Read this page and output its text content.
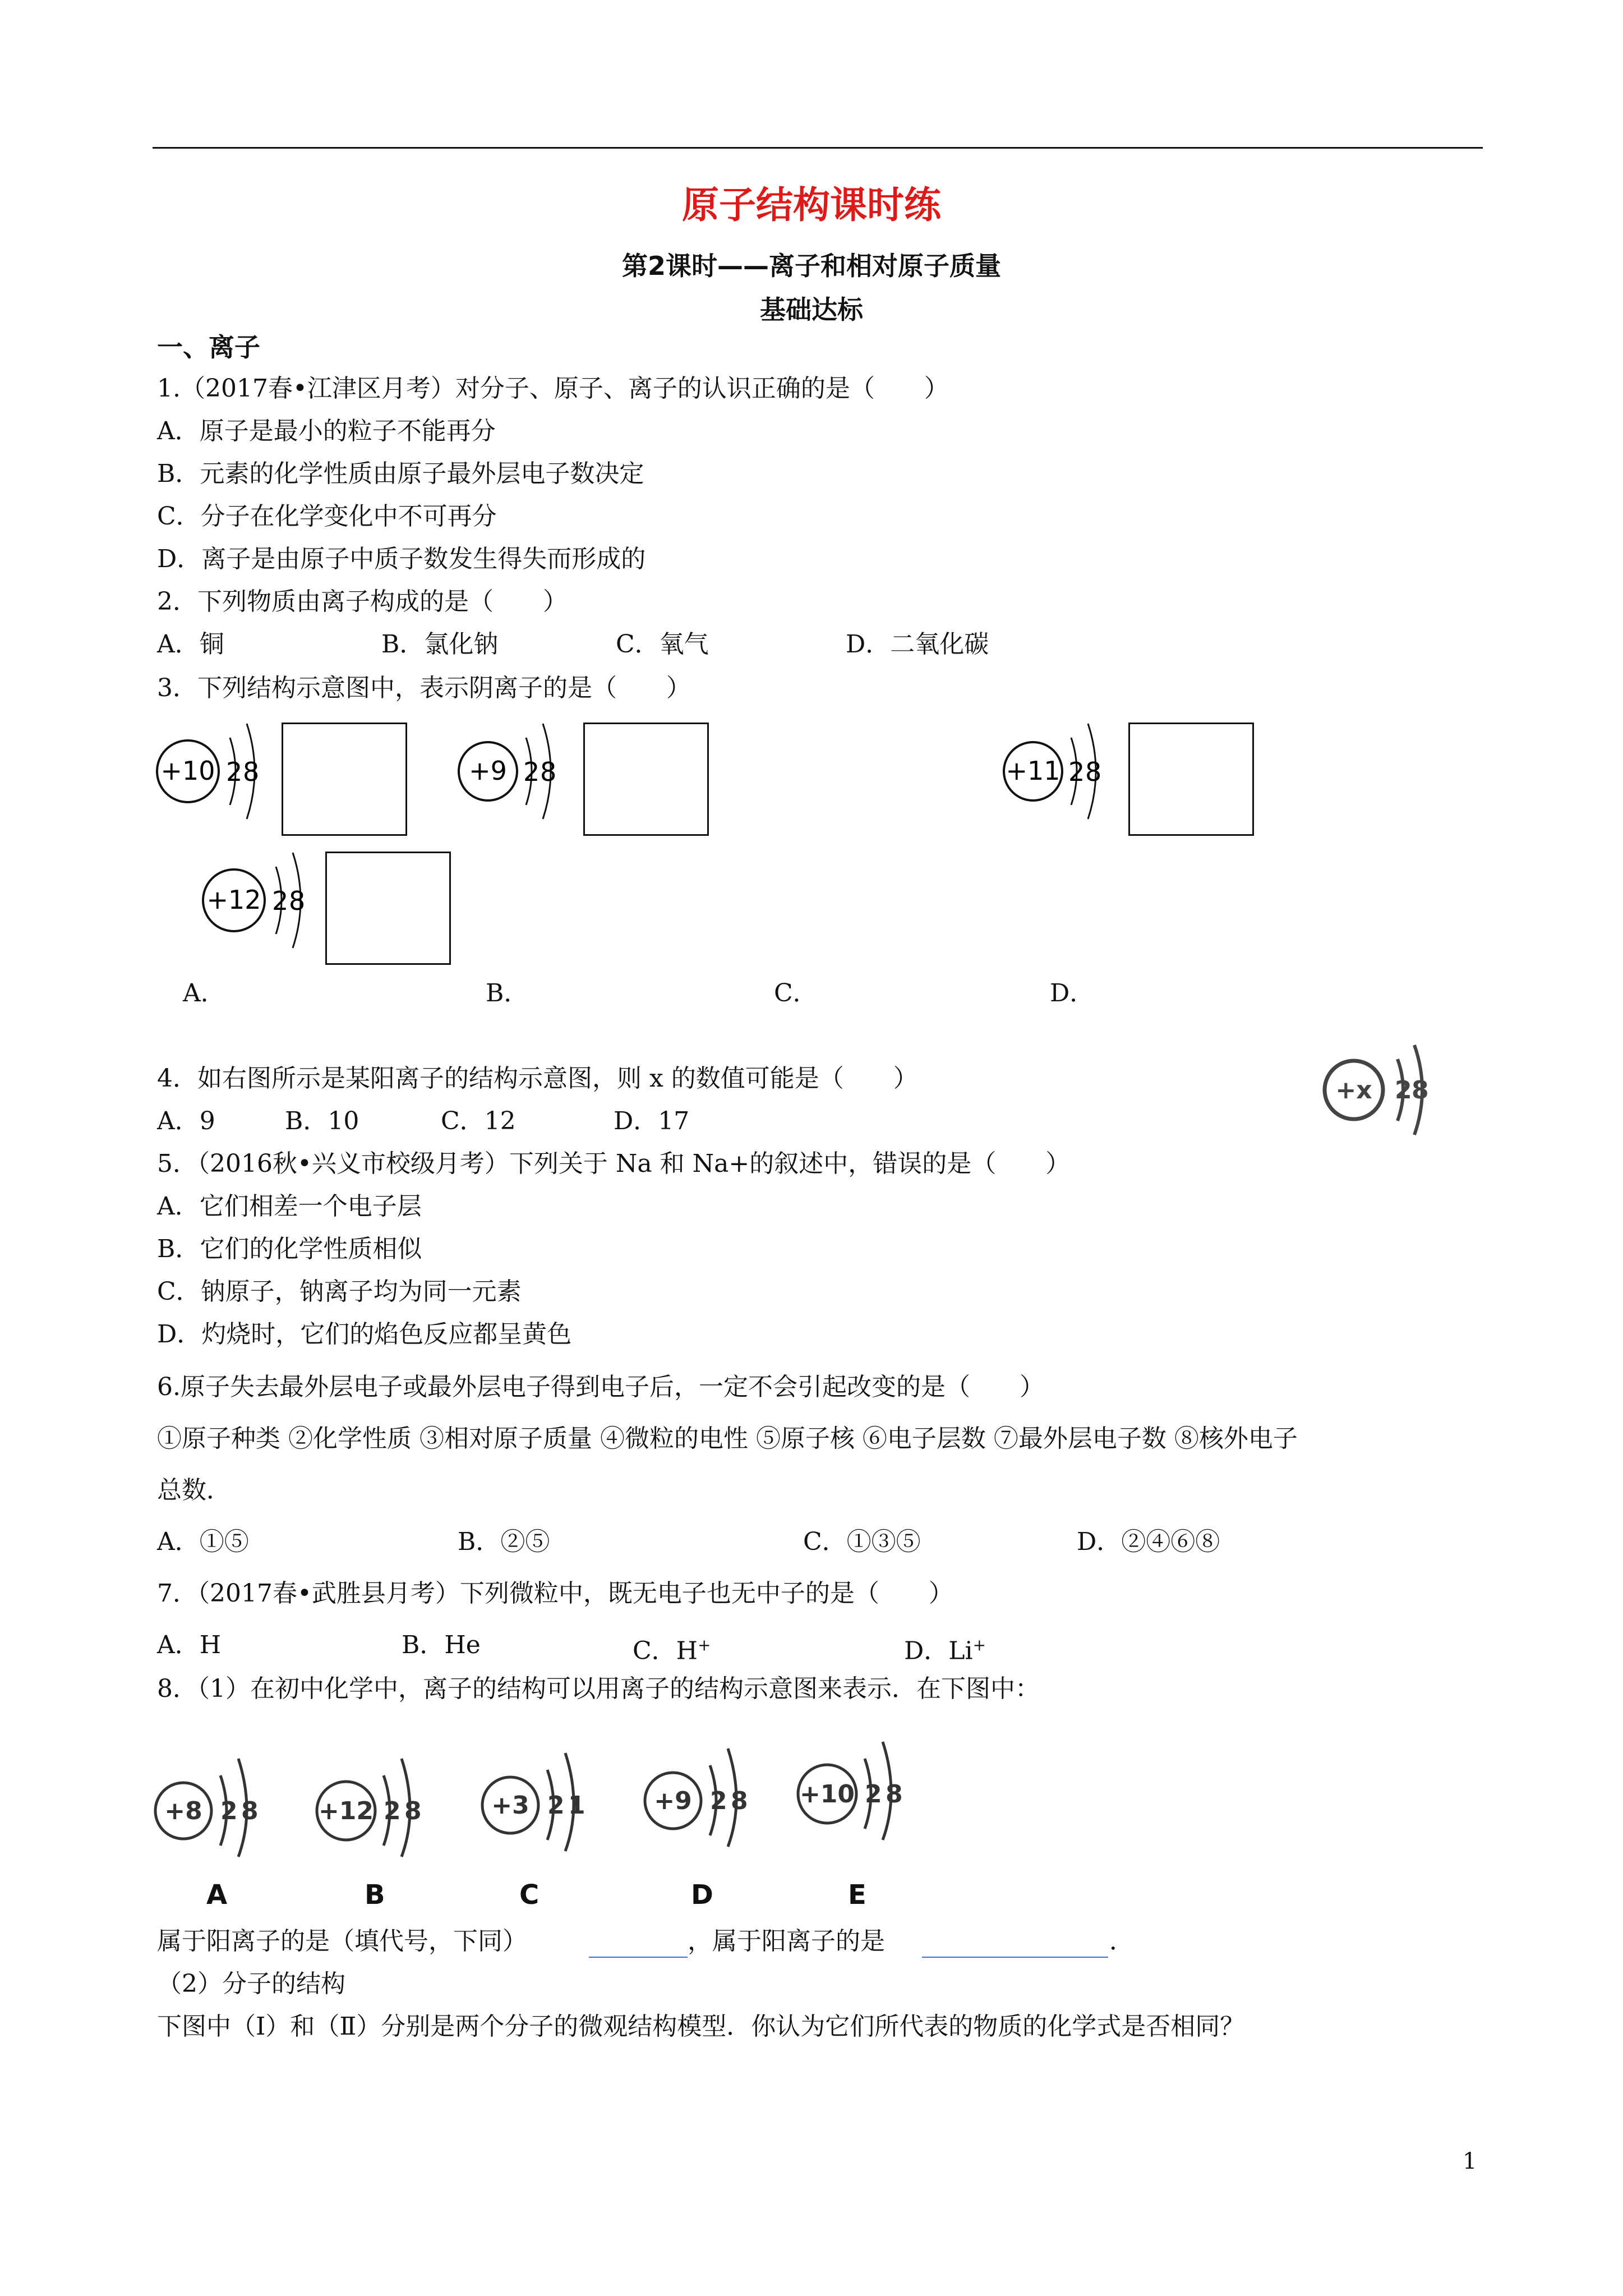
原子结构课时练
第2课时——离子和相对原子质量
基础达标
一、离子
1.（2017春•江津区月考）对分子、原子、离子的认识正确的是（　　）
A．原子是最小的粒子不能再分
B．元素的化学性质由原子最外层电子数决定
C．分子在化学变化中不可再分
D．离子是由原子中质子数发生得失而形成的
2．下列物质由离子构成的是（　　）
A．铜	B．氯化钠	C．氧气	D．二氧化碳
3．下列结构示意图中，表示阴离子的是（　　）
+10 2 8	+9 2 8	+11 2 8
+12 2 8
A．	B．	C．	D．
4．如右图所示是某阳离子的结构示意图，则 x 的数值可能是（　　）
A．9	B．10	C．12	D．17
+x 2 8
5．（2016秋•兴义市校级月考）下列关于 Na 和 Na+的叙述中，错误的是（　　）
A．它们相差一个电子层
B．它们的化学性质相似
C．钠原子，钠离子均为同一元素
D．灼烧时，它们的焰色反应都呈黄色
6.原子失去最外层电子或最外层电子得到电子后，一定不会引起改变的是（　　）
①原子种类 ②化学性质 ③相对原子质量 ④微粒的电性 ⑤原子核 ⑥电子层数 ⑦最外层电子数 ⑧核外电子
总数．
A．①⑤	B．②⑤	C．①③⑤	D．②④⑥⑧
7．（2017春•武胜县月考）下列微粒中，既无电子也无中子的是（　　）
A．H	B．He	C．H+	D．Li+
8．（1）在初中化学中，离子的结构可以用离子的结构示意图来表示．在下图中：
+8 2 8 +12 2 8	+3 2 1	+9 2 8 +10 2 8
A	B	C	D	E
属于阳离子的是（填代号，下同）	，属于阳离子的是	．
（2）分子的结构
下图中（Ⅰ）和（Ⅱ）分别是两个分子的微观结构模型．你认为它们所代表的物质的化学式是否相同？
1
